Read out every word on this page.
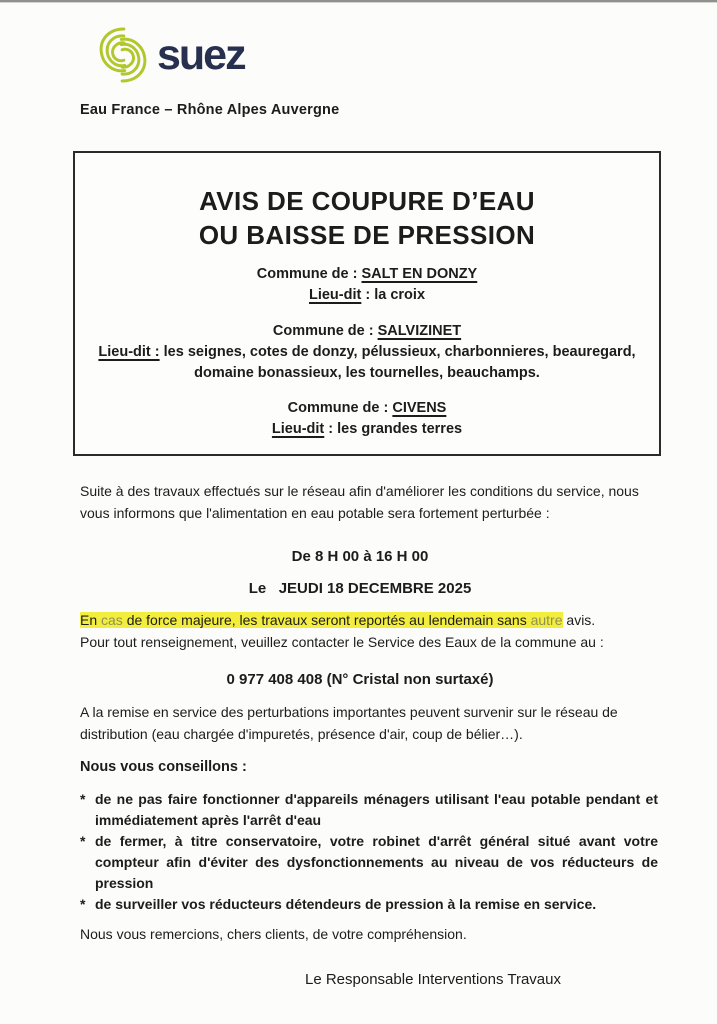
suez
Eau France – Rhône Alpes Auvergne
AVIS DE COUPURE D’EAU
OU BAISSE DE PRESSION
Commune de : SALT EN DONZY
Lieu-dit : la croix
Commune de : SALVIZINET
Lieu-dit : les seignes, cotes de donzy, pélussieux, charbonnieres, beauregard,
domaine bonassieux, les tournelles, beauchamps.
Commune de : CIVENS
Lieu-dit : les grandes terres
Suite à des travaux effectués sur le réseau afin d'améliorer les conditions du service, nous vous informons que l'alimentation en eau potable sera fortement perturbée :
De 8 H 00 à 16 H 00
Le   JEUDI 18 DECEMBRE 2025
En cas de force majeure, les travaux seront reportés au lendemain sans autre avis.
Pour tout renseignement, veuillez contacter le Service des Eaux de la commune au :
0 977 408 408 (N° Cristal non surtaxé)
A la remise en service des perturbations importantes peuvent survenir sur le réseau de distribution (eau chargée d'impuretés, présence d'air, coup de bélier…).
Nous vous conseillons :
* de ne pas faire fonctionner d'appareils ménagers utilisant l'eau potable pendant et immédiatement après l'arrêt d'eau
* de fermer, à titre conservatoire, votre robinet d'arrêt général situé avant votre compteur afin d'éviter des dysfonctionnements au niveau de vos réducteurs de pression
* de surveiller vos réducteurs détendeurs de pression à la remise en service.
Nous vous remercions, chers clients, de votre compréhension.
Le Responsable Interventions Travaux
